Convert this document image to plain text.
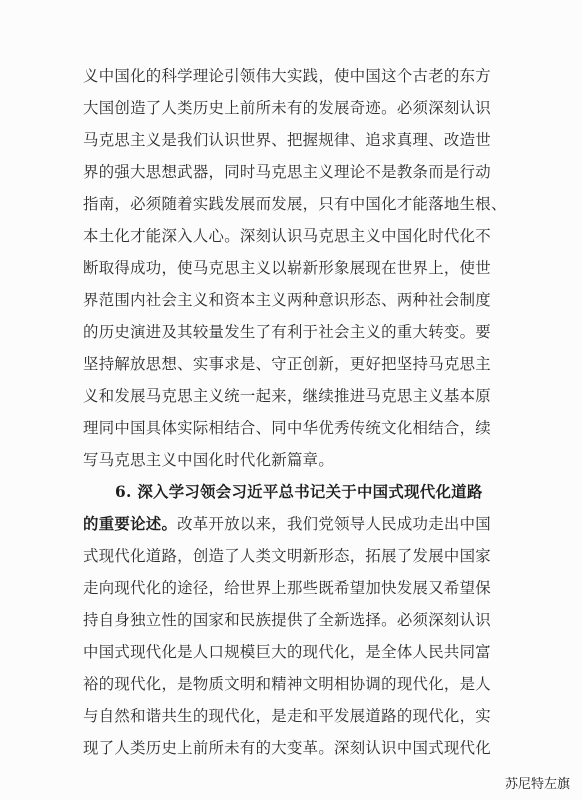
义中国化的科学理论引领伟大实践，使中国这个古老的东方
大国创造了人类历史上前所未有的发展奇迹。必须深刻认识
马克思主义是我们认识世界、把握规律、追求真理、改造世
界的强大思想武器，同时马克思主义理论不是教条而是行动
指南，必须随着实践发展而发展，只有中国化才能落地生根、
本土化才能深入人心。深刻认识马克思主义中国化时代化不
断取得成功，使马克思主义以崭新形象展现在世界上，使世
界范围内社会主义和资本主义两种意识形态、两种社会制度
的历史演进及其较量发生了有利于社会主义的重大转变。要
坚持解放思想、实事求是、守正创新，更好把坚持马克思主
义和发展马克思主义统一起来，继续推进马克思主义基本原
理同中国具体实际相结合、同中华优秀传统文化相结合，续
写马克思主义中国化时代化新篇章。
6. 深入学习领会习近平总书记关于中国式现代化道路
的重要论述。改革开放以来，我们党领导人民成功走出中国
式现代化道路，创造了人类文明新形态，拓展了发展中国家
走向现代化的途径，给世界上那些既希望加快发展又希望保
持自身独立性的国家和民族提供了全新选择。必须深刻认识
中国式现代化是人口规模巨大的现代化，是全体人民共同富
裕的现代化，是物质文明和精神文明相协调的现代化，是人
与自然和谐共生的现代化，是走和平发展道路的现代化，实
现了人类历史上前所未有的大变革。深刻认识中国式现代化
苏尼特左旗
